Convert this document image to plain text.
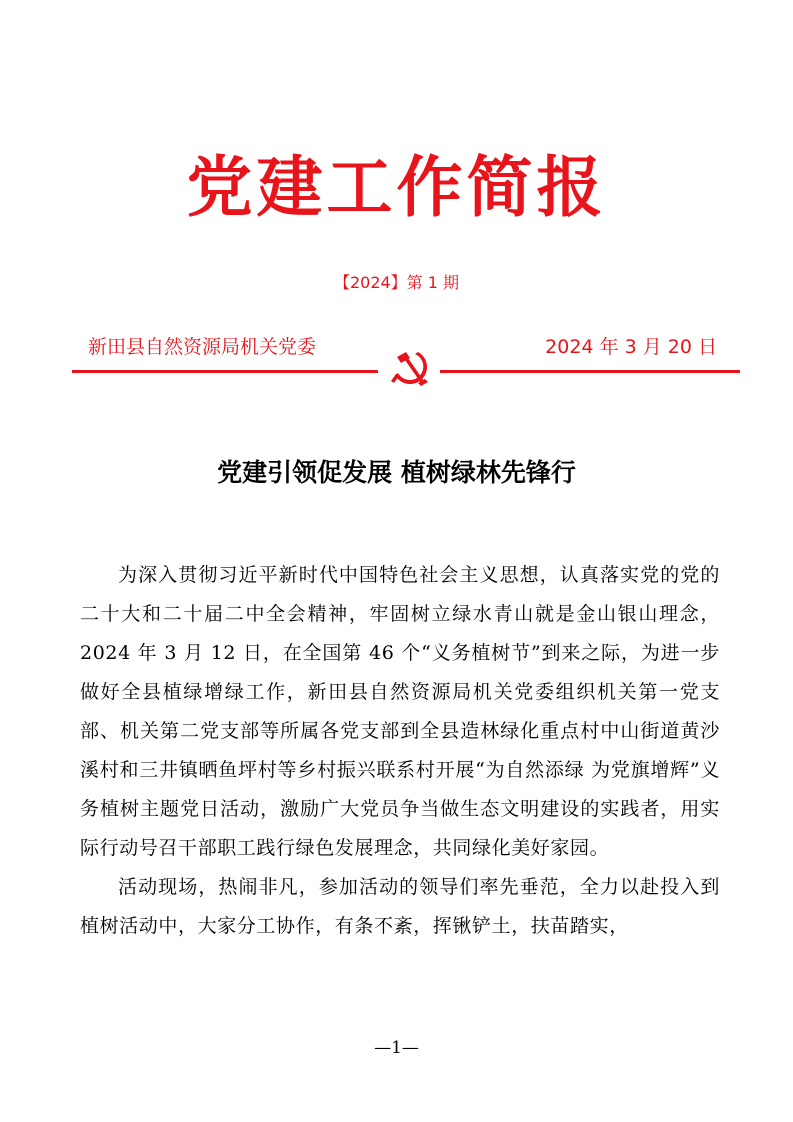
党建工作简报
【2024】第 1 期
新田县自然资源局机关党委	2024 年 3 月 20 日
党建引领促发展 植树绿林先锋行

为深入贯彻习近平新时代中国特色社会主义思想，认真落实党的党的二十大和二十届二中全会精神，牢固树立绿水青山就是金山银山理念，2024 年 3 月 12 日，在全国第 46 个“义务植树节”到来之际，为进一步做好全县植绿增绿工作，新田县自然资源局机关党委组织机关第一党支部、机关第二党支部等所属各党支部到全县造林绿化重点村中山街道黄沙溪村和三井镇晒鱼坪村等乡村振兴联系村开展“为自然添绿 为党旗增辉”义务植树主题党日活动，激励广大党员争当做生态文明建设的实践者，用实际行动号召干部职工践行绿色发展理念，共同绿化美好家园。

活动现场，热闹非凡，参加活动的领导们率先垂范，全力以赴投入到植树活动中，大家分工协作，有条不紊，挥锹铲土，扶苗踏实，

—1—
